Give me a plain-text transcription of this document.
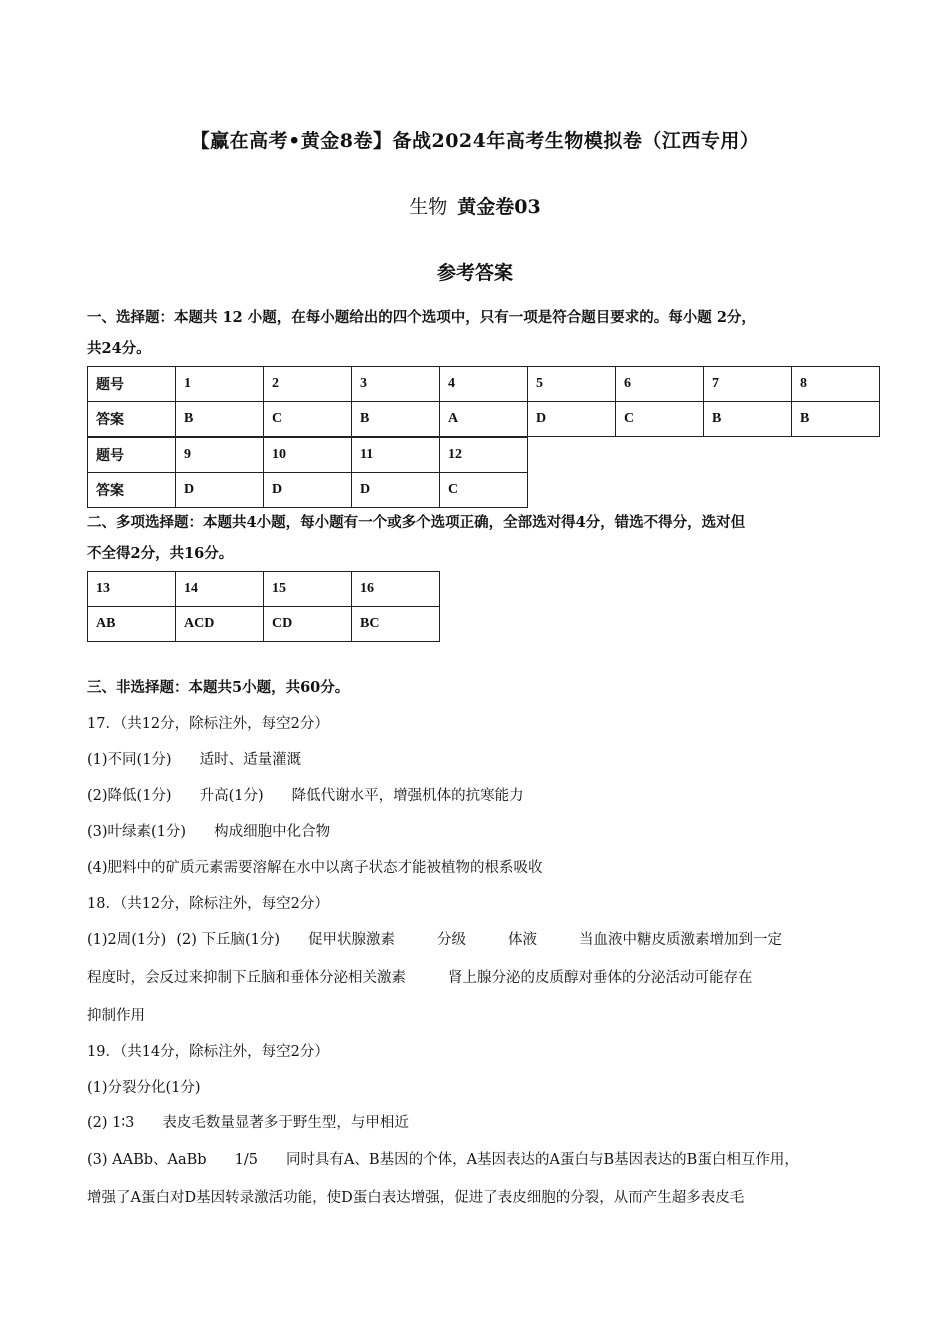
【赢在高考•黄金8卷】备战2024年高考生物模拟卷（江西专用）
生物 黄金卷03
参考答案
一、选择题：本题共 12 小题，在每小题给出的四个选项中，只有一项是符合题目要求的。每小题 2分，
共24分。
题号	1	2	3	4	5	6	7	8
答案	B	C	B	A	D	C	B	B
题号	9	10	11	12
答案	D	D	D	C
二、多项选择题：本题共4小题，每小题有一个或多个选项正确，全部选对得4分，错选不得分，选对但
不全得2分，共16分。
13	14	15	16
AB	ACD	CD	BC
三、非选择题：本题共5小题，共60分。
17．（共12分，除标注外，每空2分）
(1)不同(1分) 适时、适量灌溉
(2)降低(1分) 升高(1分) 降低代谢水平，增强机体的抗寒能力
(3)叶绿素(1分) 构成细胞中化合物
(4)肥料中的矿质元素需要溶解在水中以离子状态才能被植物的根系吸收
18．（共12分，除标注外，每空2分）
(1)2周(1分) (2) 下丘脑(1分) 促甲状腺激素	分级	体液	当血液中糖皮质激素增加到一定
程度时，会反过来抑制下丘脑和垂体分泌相关激素	肾上腺分泌的皮质醇对垂体的分泌活动可能存在
抑制作用
19．（共14分，除标注外，每空2分）
(1)分裂分化(1分)
(2) 1∶3 表皮毛数量显著多于野生型，与甲相近
(3) AABb、AaBb 1/5 同时具有A、B基因的个体，A基因表达的A蛋白与B基因表达的B蛋白相互作用，
增强了A蛋白对D基因转录激活功能，使D蛋白表达增强，促进了表皮细胞的分裂，从而产生超多表皮毛
